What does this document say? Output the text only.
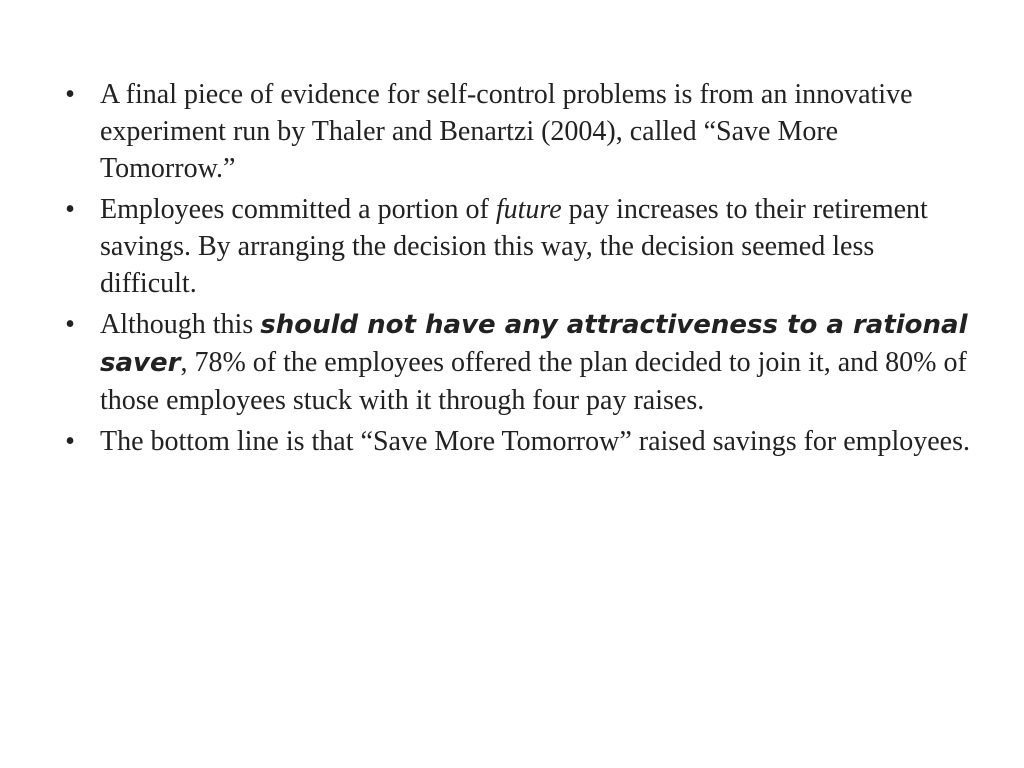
• A final piece of evidence for self-control problems is from an innovative experiment run by Thaler and Benartzi (2004), called “Save More Tomorrow.”
• Employees committed a portion of future pay increases to their retirement savings. By arranging the decision this way, the decision seemed less difficult.
• Although this should not have any attractiveness to a rational saver, 78% of the employees offered the plan decided to join it, and 80% of those employees stuck with it through four pay raises.
• The bottom line is that “Save More Tomorrow” raised savings for employees.
